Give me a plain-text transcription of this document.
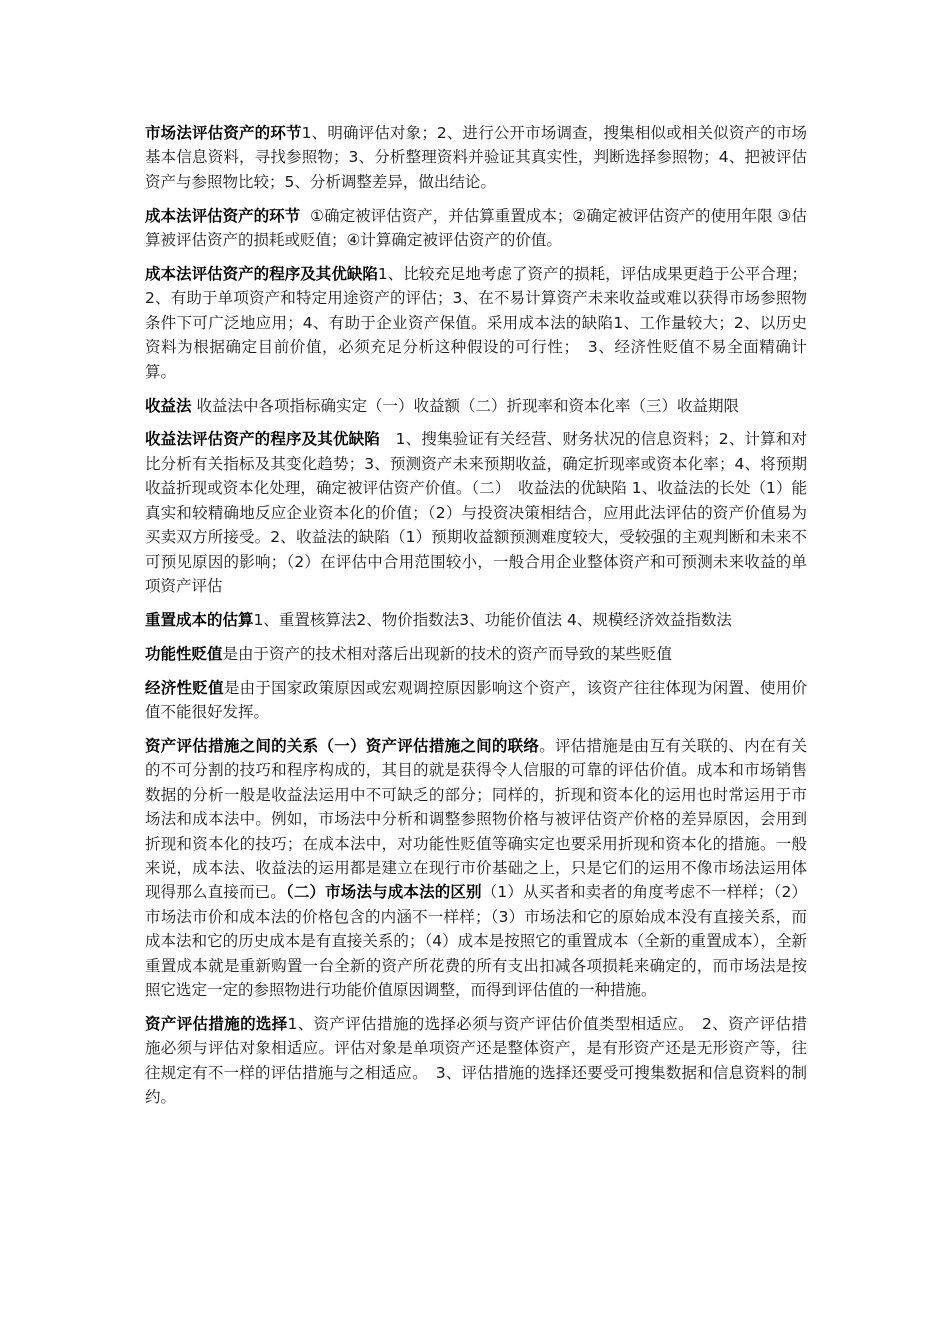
市场法评估资产的环节1、明确评估对象；2、进行公开市场调查，搜集相似或相关似资产的市场基本信息资料，寻找参照物；3、分析整理资料并验证其真实性，判断选择参照物；4、把被评估资产与参照物比较；5、分析调整差异，做出结论。

成本法评估资产的环节  ①确定被评估资产，并估算重置成本；②确定被评估资产的使用年限 ③估算被评估资产的损耗或贬值；④计算确定被评估资产的价值。

成本法评估资产的程序及其优缺陷1、比较充足地考虑了资产的损耗，评估成果更趋于公平合理；2、有助于单项资产和特定用途资产的评估；3、在不易计算资产未来收益或难以获得市场参照物条件下可广泛地应用；4、有助于企业资产保值。采用成本法的缺陷1、工作量较大；2、以历史资料为根据确定目前价值，必须充足分析这种假设的可行性；　3、经济性贬值不易全面精确计算。

收益法 收益法中各项指标确实定（一）收益额（二）折现率和资本化率（三）收益期限

收益法评估资产的程序及其优缺陷　1、搜集验证有关经营、财务状况的信息资料；2、计算和对比分析有关指标及其变化趋势；3、预测资产未来预期收益，确定折现率或资本化率；4、将预期收益折现或资本化处理，确定被评估资产价值。（二）　收益法的优缺陷 1、收益法的长处（1）能真实和较精确地反应企业资本化的价值；（2）与投资决策相结合，应用此法评估的资产价值易为买卖双方所接受。2、收益法的缺陷（1）预期收益额预测难度较大，受较强的主观判断和未来不可预见原因的影响；（2）在评估中合用范围较小，一般合用企业整体资产和可预测未来收益的单项资产评估

重置成本的估算1、重置核算法2、物价指数法3、功能价值法 4、规模经济效益指数法

功能性贬值是由于资产的技术相对落后出现新的技术的资产而导致的某些贬值

经济性贬值是由于国家政策原因或宏观调控原因影响这个资产，该资产往往体现为闲置、使用价值不能很好发挥。

资产评估措施之间的关系（一）资产评估措施之间的联络。评估措施是由互有关联的、内在有关的不可分割的技巧和程序构成的，其目的就是获得令人信服的可靠的评估价值。成本和市场销售数据的分析一般是收益法运用中不可缺乏的部分；同样的，折现和资本化的运用也时常运用于市场法和成本法中。例如，市场法中分析和调整参照物价格与被评估资产价格的差异原因，会用到折现和资本化的技巧；在成本法中，对功能性贬值等确实定也要采用折现和资本化的措施。一般来说，成本法、收益法的运用都是建立在现行市价基础之上，只是它们的运用不像市场法运用体现得那么直接而已。（二）市场法与成本法的区别（1）从买者和卖者的角度考虑不一样样；（2）市场法市价和成本法的价格包含的内涵不一样样；（3）市场法和它的原始成本没有直接关系，而成本法和它的历史成本是有直接关系的；（4）成本是按照它的重置成本（全新的重置成本），全新重置成本就是重新购置一台全新的资产所花费的所有支出扣减各项损耗来确定的，而市场法是按照它选定一定的参照物进行功能价值原因调整，而得到评估值的一种措施。

资产评估措施的选择1、资产评估措施的选择必须与资产评估价值类型相适应。　2、资产评估措施必须与评估对象相适应。评估对象是单项资产还是整体资产，是有形资产还是无形资产等，往往规定有不一样的评估措施与之相适应。　3、评估措施的选择还要受可搜集数据和信息资料的制约。
